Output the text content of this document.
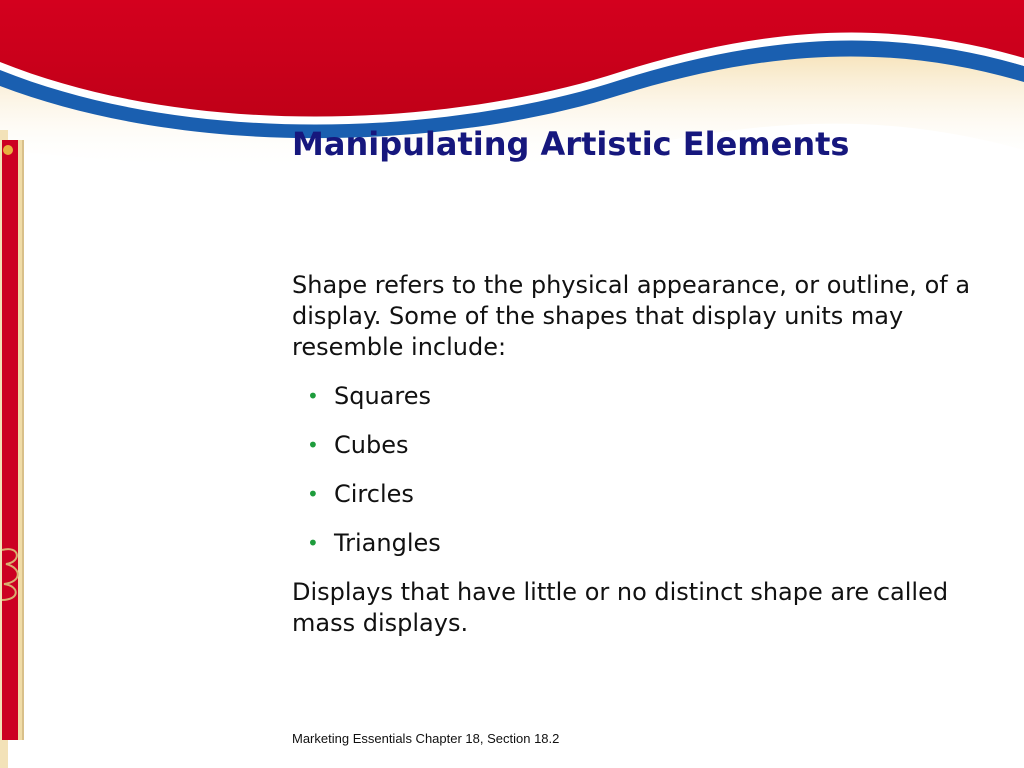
Manipulating Artistic Elements

Shape refers to the physical appearance, or outline, of a display. Some of the shapes that display units may resemble include:

• Squares
• Cubes
• Circles
• Triangles

Displays that have little or no distinct shape are called mass displays.

Marketing Essentials Chapter 18, Section 18.2
